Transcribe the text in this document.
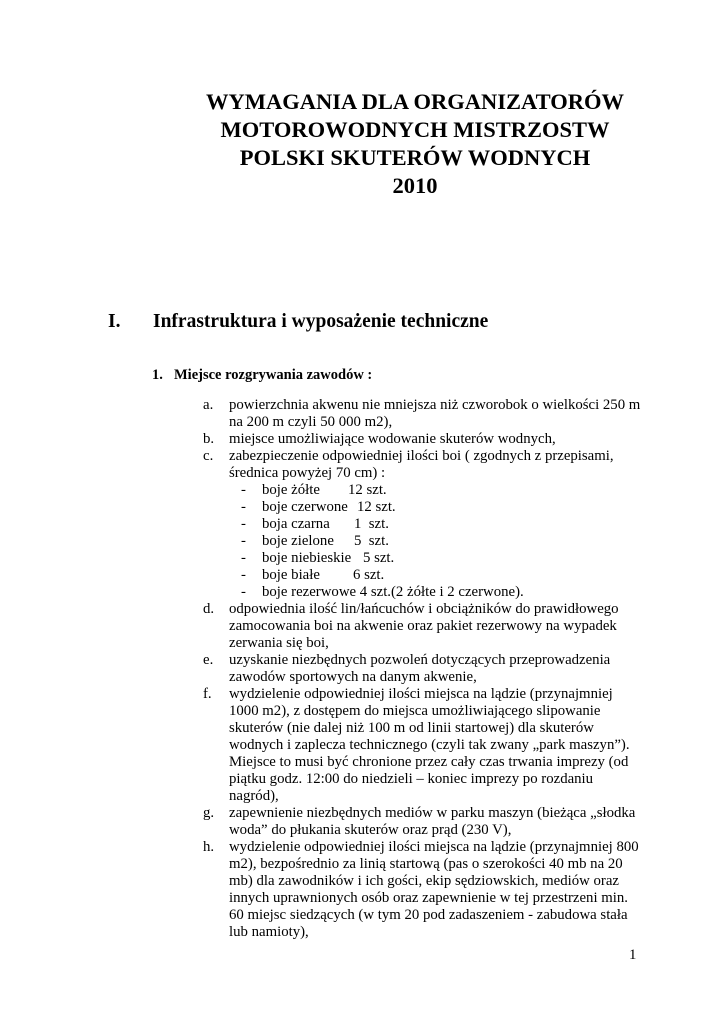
WYMAGANIA DLA ORGANIZATORÓW
MOTOROWODNYCH MISTRZOSTW
POLSKI SKUTERÓW WODNYCH
2010
I. Infrastruktura i wyposażenie techniczne
1. Miejsce rozgrywania zawodów :
a.	powierzchnia akwenu nie mniejsza niż czworobok o wielkości 250 m
na 200 m czyli 50 000 m2),
b.	miejsce umożliwiające wodowanie skuterów wodnych,
c.	zabezpieczenie odpowiedniej ilości boi ( zgodnych z przepisami,
średnica powyżej 70 cm) :
-	boje żółte	12 szt.
-	boje czerwone 12 szt.
-	boja czarna	1  szt.
-	boje zielone	5  szt.
-	boje niebieskie 5 szt.
-	boje białe	6 szt.
-	boje rezerwowe 4 szt.(2 żółte i 2 czerwone).
d.	odpowiednia ilość lin/łańcuchów i obciążników do prawidłowego
zamocowania boi na akwenie oraz pakiet rezerwowy na wypadek
zerwania się boi,
e.	uzyskanie niezbędnych pozwoleń dotyczących przeprowadzenia
zawodów sportowych na danym akwenie,
f.	wydzielenie odpowiedniej ilości miejsca na lądzie (przynajmniej
1000 m2), z dostępem do miejsca umożliwiającego slipowanie
skuterów (nie dalej niż 100 m od linii startowej) dla skuterów
wodnych i zaplecza technicznego (czyli tak zwany „park maszyn”).
Miejsce to musi być chronione przez cały czas trwania imprezy (od
piątku godz. 12:00 do niedzieli – koniec imprezy po rozdaniu
nagród),
g.	zapewnienie niezbędnych mediów w parku maszyn (bieżąca „słodka
woda” do płukania skuterów oraz prąd (230 V),
h.	wydzielenie odpowiedniej ilości miejsca na lądzie (przynajmniej 800
m2), bezpośrednio za linią startową (pas o szerokości 40 mb na 20
mb) dla zawodników i ich gości, ekip sędziowskich, mediów oraz
innych uprawnionych osób oraz zapewnienie w tej przestrzeni min.
60 miejsc siedzących (w tym 20 pod zadaszeniem - zabudowa stała
lub namioty),
1
